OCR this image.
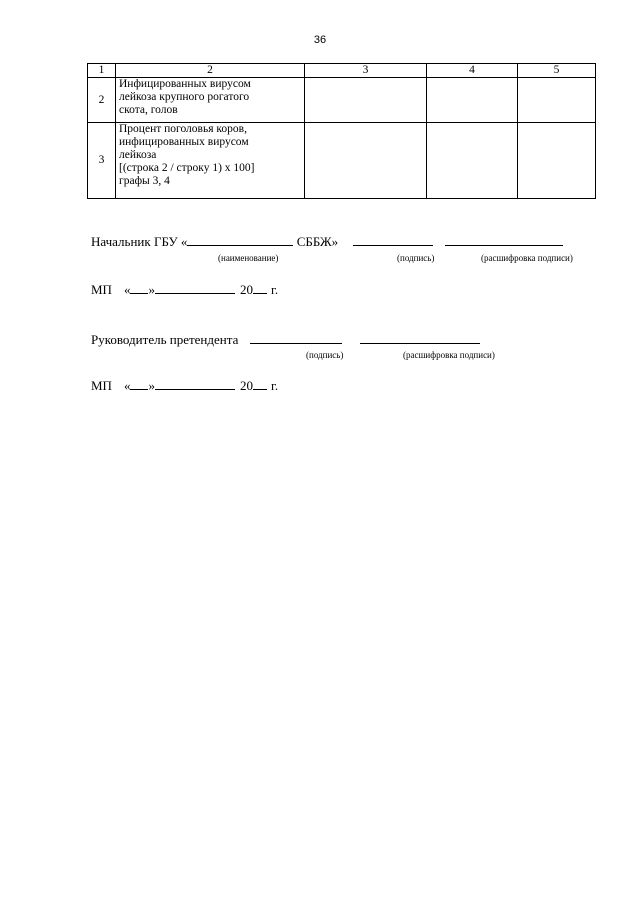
36
1	2	3	4	5
2	Инфицированных вирусом
лейкоза крупного рогатого
скота, голов			

3	Процент поголовья коров,
инфицированных вирусом
лейкоза
[(строка 2 / строку 1) x 100]
графы 3, 4			

Начальник ГБУ «	СББЖ»
(наименование)	(подпись)	(расшифровка подписи)
МП « »	20 г.
Руководитель претендента
(подпись)	(расшифровка подписи)
МП « »	20 г.
